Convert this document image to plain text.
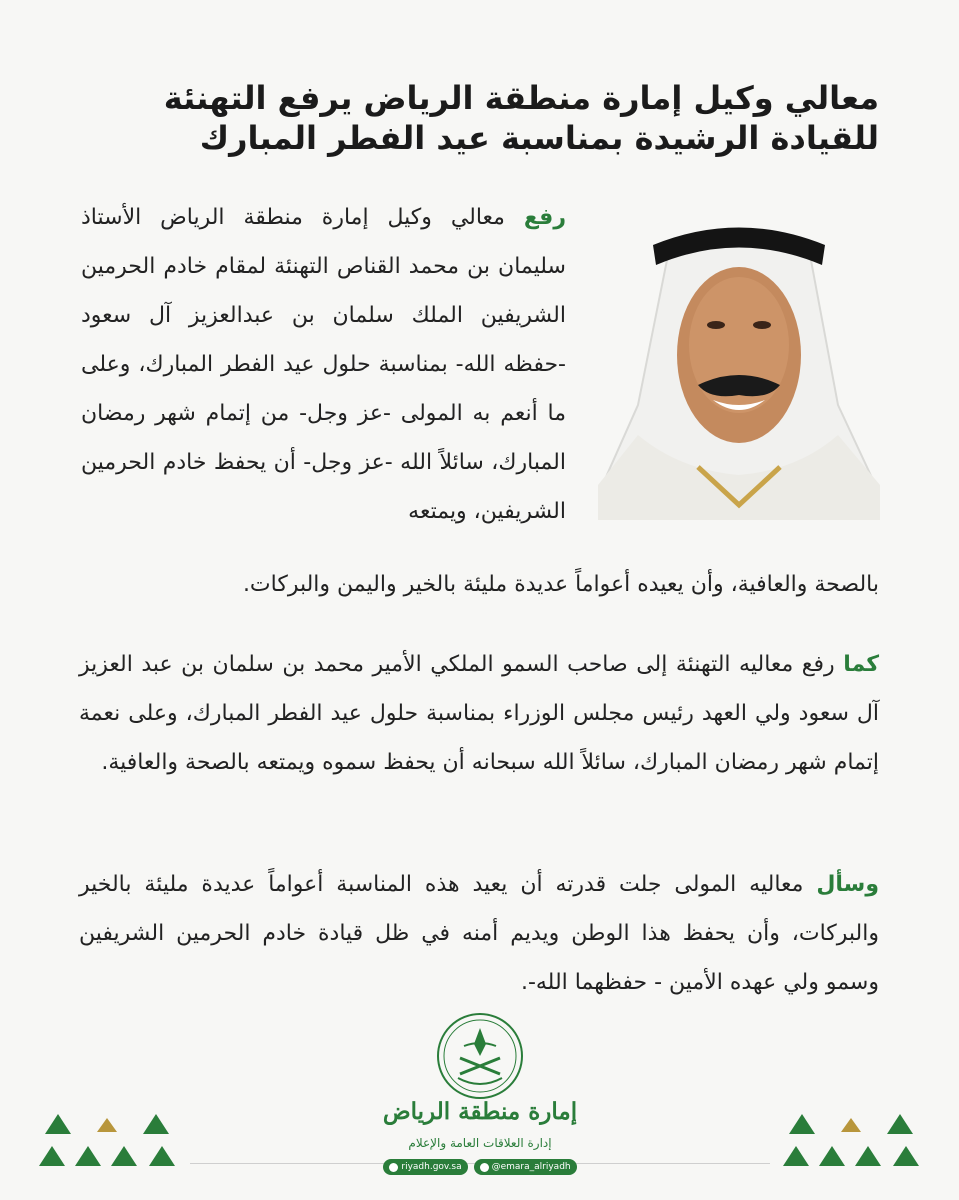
معالي وكيل إمارة منطقة الرياض يرفع التهنئة للقيادة الرشيدة بمناسبة عيد الفطر المبارك

رفع معالي وكيل إمارة منطقة الرياض الأستاذ سليمان بن محمد القناص التهنئة لمقام خادم الحرمين الشريفين الملك سلمان بن عبدالعزيز آل سعود -حفظه الله- بمناسبة حلول عيد الفطر المبارك، وعلى ما أنعم به المولى -عز وجل- من إتمام شهر رمضان المبارك، سائلاً الله -عز وجل- أن يحفظ خادم الحرمين الشريفين، ويمتعه

بالصحة والعافية، وأن يعيده أعواماً عديدة مليئة بالخير واليمن والبركات.

كما رفع معاليه التهنئة إلى صاحب السمو الملكي الأمير محمد بن سلمان بن عبد العزيز آل سعود ولي العهد رئيس مجلس الوزراء بمناسبة حلول عيد الفطر المبارك، وعلى نعمة إتمام شهر رمضان المبارك، سائلاً الله سبحانه أن يحفظ سموه ويمتعه بالصحة والعافية.

وسأل معاليه المولى جلت قدرته أن يعيد هذه المناسبة أعواماً عديدة مليئة بالخير والبركات، وأن يحفظ هذا الوطن ويديم أمنه في ظل قيادة خادم الحرمين الشريفين وسمو ولي عهده الأمين - حفظهما الله-.

إمارة منطقة الرياض
إدارة العلاقات العامة والإعلام
@emara_alriyadh
riyadh.gov.sa
